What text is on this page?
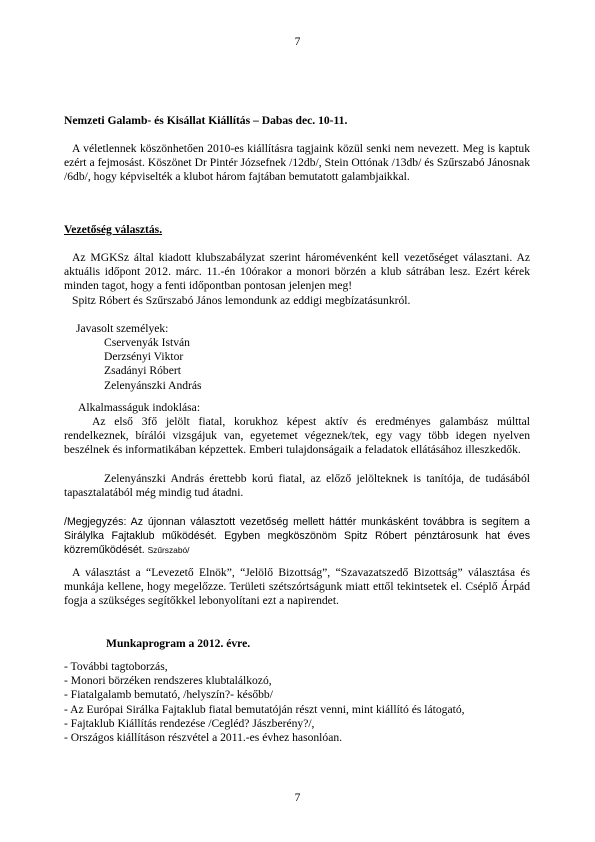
7

Nemzeti Galamb- és Kisállat Kiállítás – Dabas dec. 10-11.

A véletlennek köszönhetően 2010-es kiállításra tagjaink közül senki nem nevezett. Meg is kaptuk ezért a fejmosást. Köszönet Dr Pintér Józsefnek /12db/, Stein Ottónak /13db/ és Szűrszabó Jánosnak /6db/, hogy képviselték a klubot három fajtában bemutatott galambjaikkal.

Vezetőség választás.

Az MGKSz által kiadott klubszabályzat szerint háromévenként kell vezetőséget választani. Az aktuális időpont 2012. márc. 11.-én 10órakor a monori börzén a klub sátrában lesz. Ezért kérek minden tagot, hogy a fenti időpontban pontosan jelenjen meg!

Spitz Róbert és Szűrszabó János lemondunk az eddigi megbízatásunkról.

Javasolt személyek:

Cservenyák István
Derzsényi Viktor
Zsadányi Róbert
Zelenyánszki András

Alkalmasságuk indoklása:

Az első 3fő jelölt fiatal, korukhoz képest aktív és eredményes galambász múlttal rendelkeznek, bírálói vizsgájuk van, egyetemet végeznek/tek, egy vagy több idegen nyelven beszélnek és informatikában képzettek. Emberi tulajdonságaik a feladatok ellátásához illeszkedők.

Zelenyánszki András érettebb korú fiatal, az előző jelölteknek is tanítója, de tudásából tapasztalatából még mindig tud átadni.

/Megjegyzés: Az újonnan választott vezetőség mellett háttér munkásként továbbra is segítem a Sirálylka Fajtaklub működését. Egyben megköszönöm Spitz Róbert pénztárosunk hat éves közreműködését. Szűrszabó/

A választást a “Levezető Elnök”, “Jelölő Bizottság”, “Szavazatszedő Bizottság” választása és munkája kellene, hogy megelőzze. Területi szétszórtságunk miatt ettől tekintsetek el. Cséplő Árpád fogja a szükséges segítőkkel lebonyolítani ezt a napirendet.

Munkaprogram a 2012. évre.

- További tagtoborzás,
- Monori börzéken rendszeres klubtalálkozó,
- Fiatalgalamb bemutató, /helyszín?- később/
- Az Európai Sirálka Fajtaklub fiatal bemutatóján részt venni, mint kiállító és látogató,
- Fajtaklub Kiállítás rendezése /Cegléd? Jászberény?/,
- Országos kiállításon részvétel a 2011.-es évhez hasonlóan.
7
